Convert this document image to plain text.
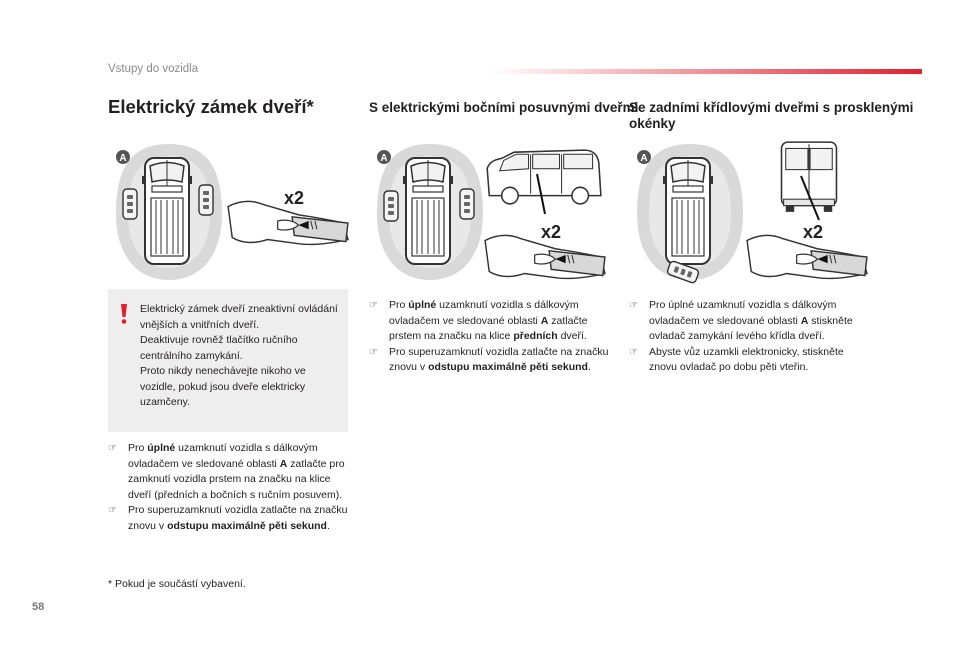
Vstupy do vozidla
Elektrický zámek dveří*	S elektrickými bočními posuvnými dveřmi
Se zadními křídlovými dveřmi s prosklenými okénky
A
x2
A
x2
A
x2

Elektrický zámek dveří zneaktivní ovládání vnějších a vnitřních dveří.

Deaktivuje rovněž tlačítko ručního centrálního zamykání.

Proto nikdy nenechávejte nikoho ve vozidle, pokud jsou dveře elektricky uzamčeny.

☞ Pro úplné uzamknutí vozidla s dálkovým ovladačem ve sledované oblasti A zatlačte pro zamknutí vozidla prstem na značku na klice dveří (předních a bočních s ručním posuvem).
☞ Pro superuzamknutí vozidla zatlačte na značku znovu v odstupu maximálně pěti sekund.
☞ Pro úplné uzamknutí vozidla s dálkovým ovladačem ve sledované oblasti A zatlačte prstem na značku na klice předních dveří.
☞ Pro superuzamknutí vozidla zatlačte na značku znovu v odstupu maximálně pěti sekund.
☞ Pro úplné uzamknutí vozidla s dálkovým ovladačem ve sledované oblasti A stiskněte ovladač zamykání levého křídla dveří.
☞ Abyste vůz uzamkli elektronicky, stiskněte znovu ovladač po dobu pěti vteřin.
* Pokud je součástí vybavení.
58
